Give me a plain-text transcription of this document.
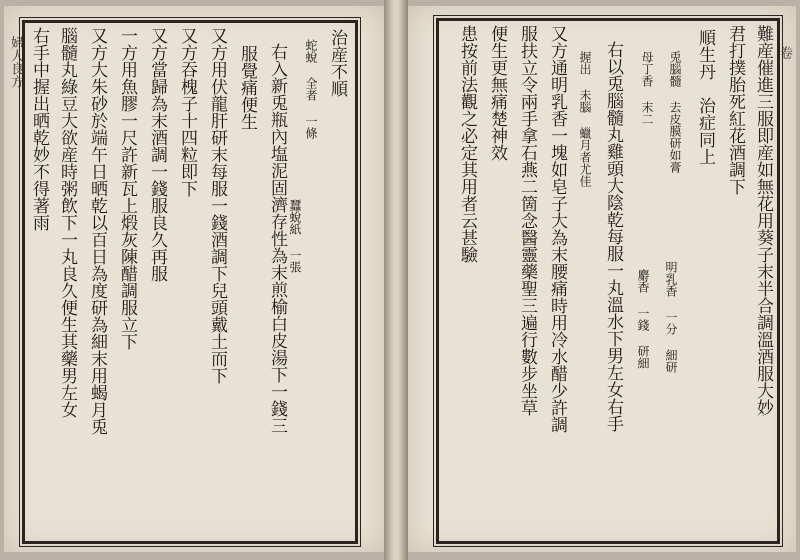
婦人良方	治産不順
蛇蛻 全者 一條
蠶蛻紙 一張
右入新兎瓶內塩泥固濟存性為末煎榆白皮湯下一錢三
服覺痛便生
又方用伏龍肝研末每服一錢酒調下兒頭戴土而下
又方吞槐子十四粒即下
又方當歸為末酒調一錢服良久再服
一方用魚膠一尺許新瓦上煅灰陳醋調服立下
又方大朱砂於端午日晒乾以百日為度研為細末用蝎月兎
腦髓丸綠豆大欲産時粥飲下一丸良久便生其藥男左女
右手中握出晒乾妙不得著雨	卷
難産催進三服即産如無花用葵子末半合調溫酒服大妙
君打撲胎死紅花酒調下
順生丹　治症同上
兎腦髓 去皮膜研如膏
母丁香 末二
明乳香 一分 細研
麝香 一錢 研細
右以兎腦髓丸雞頭大陰乾每服一丸溫水下男左女右手
握出 未腦 蠟月者尤佳
又方通明乳香一塊如皂子大為末腰痛時用冷水醋少許調
服扶立令兩手拿石燕二箇念醫靈藥聖三遍行數步坐草
便生更無痛楚神效
患按前法觀之必定其用者云甚驗
